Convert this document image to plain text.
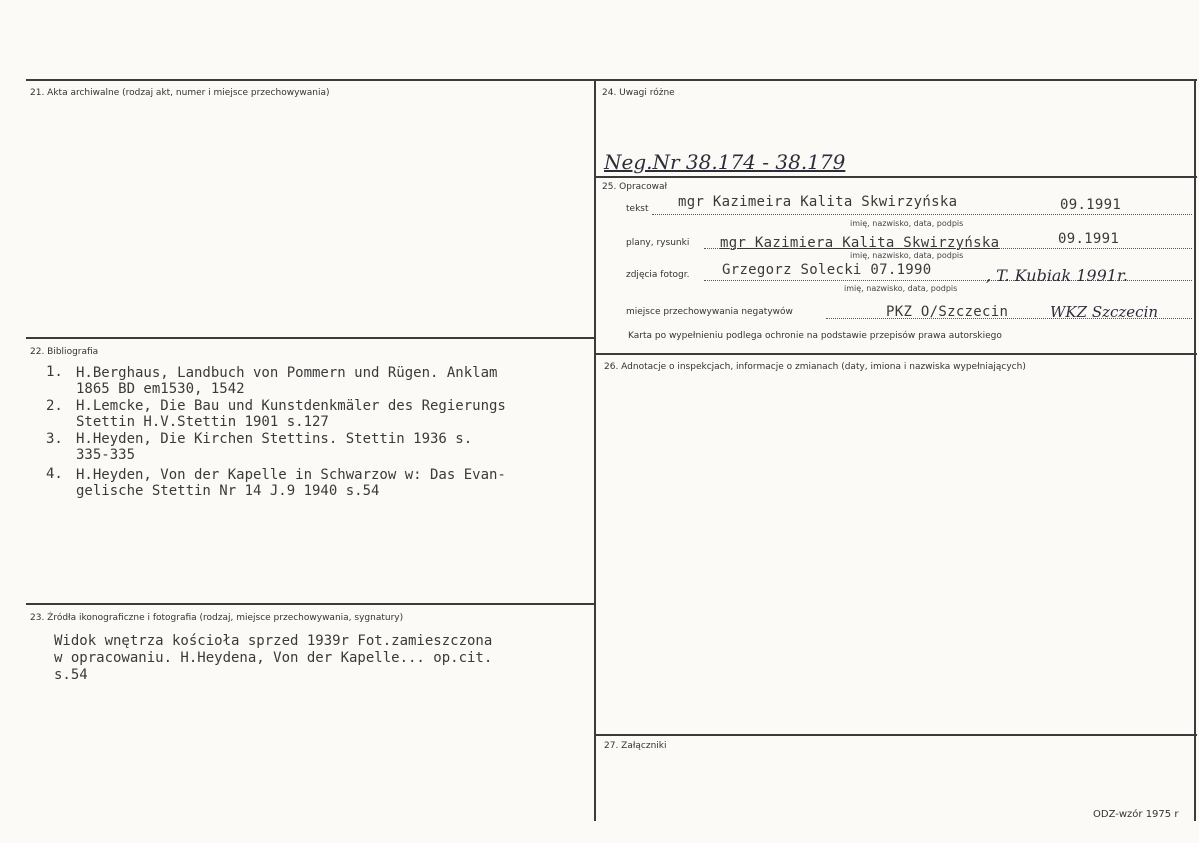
21. Akta archiwalne (rodzaj akt, numer i miejsce przechowywania)
22. Bibliografia
1. H.Berghaus, Landbuch von Pommern und Rügen. Anklam
1865 BD em1530, 1542
2. H.Lemcke, Die Bau und Kunstdenkmäler des Regierungs
Stettin H.V.Stettin 1901 s.127
3. H.Heyden, Die Kirchen Stettins. Stettin 1936 s.
335-335
4. H.Heyden, Von der Kapelle in Schwarzow w: Das Evan-
gelische Stettin Nr 14 J.9 1940 s.54
23. Źródła ikonograficzne i fotografia (rodzaj, miejsce przechowywania, sygnatury)
Widok wnętrza kościoła sprzed 1939r Fot.zamieszczona
w opracowaniu. H.Heydena, Von der Kapelle... op.cit.
s.54
24. Uwagi różne
Neg.Nr 38.174 - 38.179
25. Opracował
tekst mgr Kazimeira Kalita Skwirzyńska	09.1991
imię, nazwisko, data, podpis
plany, rysunki mgr Kazimiera Kalita Skwirzyńska	09.1991
imię, nazwisko, data, podpis
zdjęcia fotogr. Grzegorz Solecki 07.1990	, T. Kubiak 1991r.
imię, nazwisko, data, podpis
miejsce przechowywania negatywów	PKZ O/Szczecin	WKZ Szczecin
Karta po wypełnieniu podlega ochronie na podstawie przepisów prawa autorskiego
26. Adnotacje o inspekcjach, informacje o zmianach (daty, imiona i nazwiska wypełniających)
27. Załączniki
ODZ-wzór 1975 r
